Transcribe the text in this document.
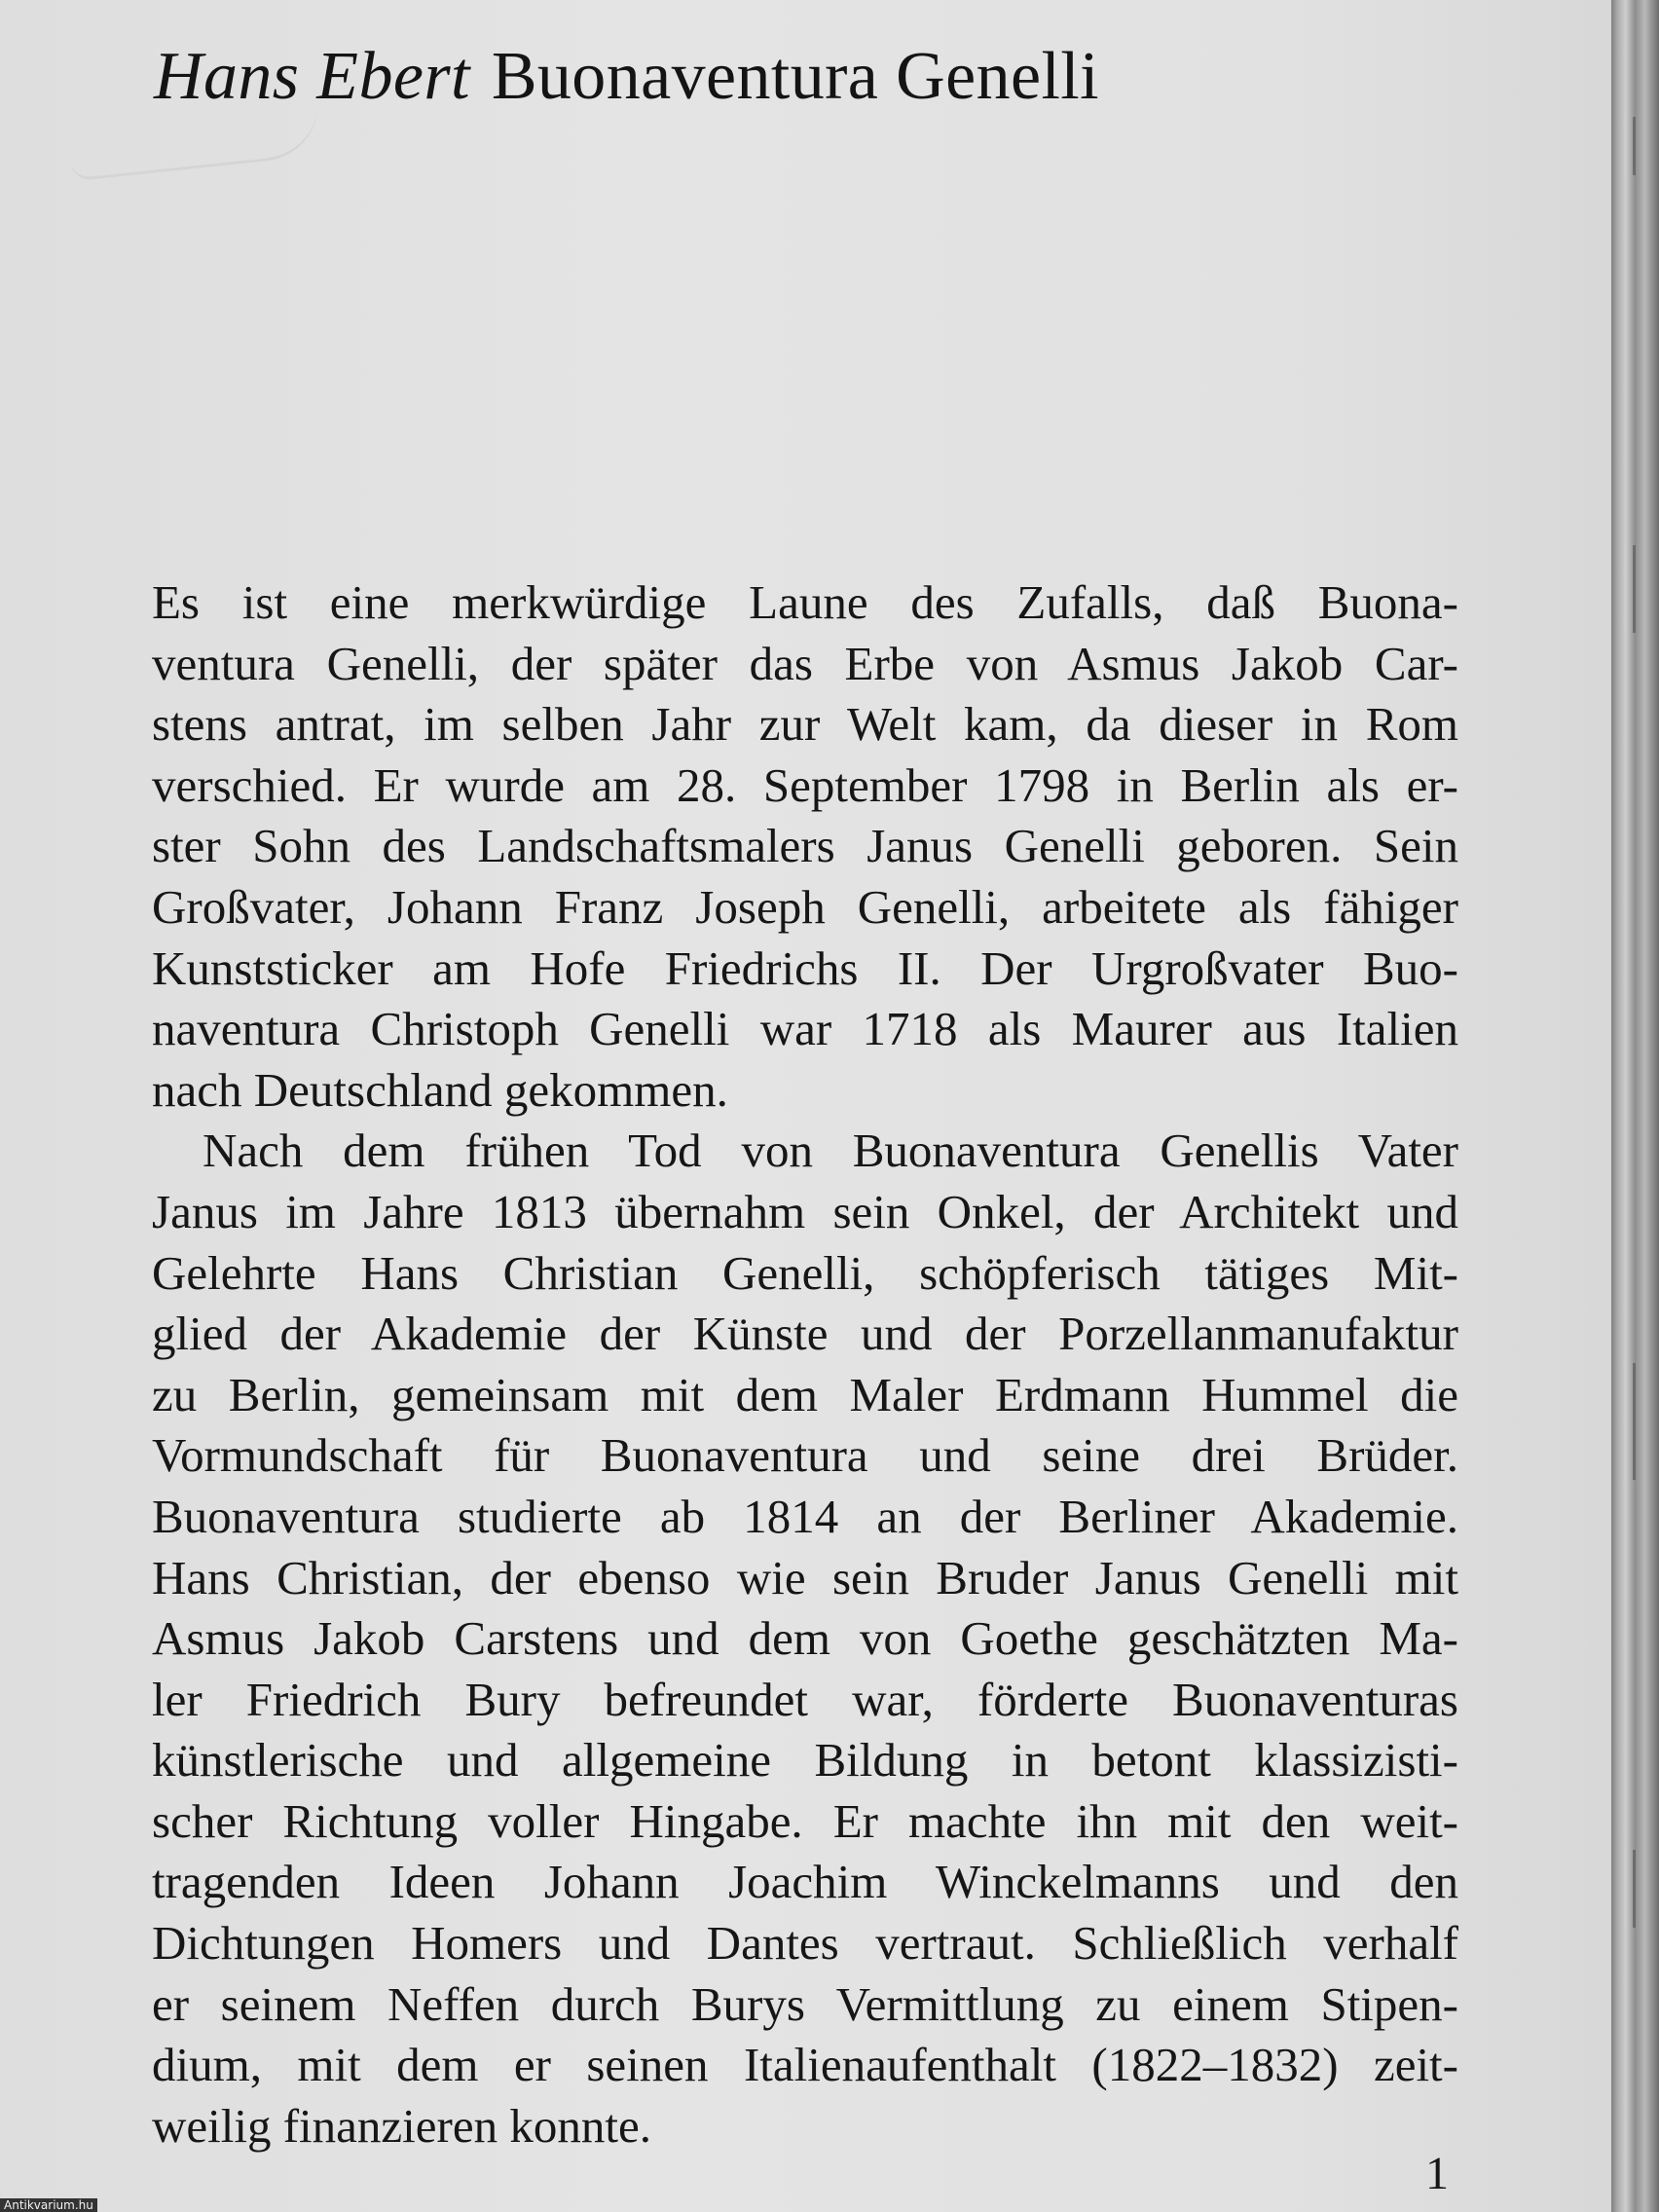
Hans Ebert Buonaventura Genelli
Es ist eine merkwürdige Laune des Zufalls, daß Buona-
ventura Genelli, der später das Erbe von Asmus Jakob Car-
stens antrat, im selben Jahr zur Welt kam, da dieser in Rom
verschied. Er wurde am 28. September 1798 in Berlin als er-
ster Sohn des Landschaftsmalers Janus Genelli geboren. Sein
Großvater, Johann Franz Joseph Genelli, arbeitete als fähiger
Kunststicker am Hofe Friedrichs II. Der Urgroßvater Buo-
naventura Christoph Genelli war 1718 als Maurer aus Italien
nach Deutschland gekommen.
Nach dem frühen Tod von Buonaventura Genellis Vater
Janus im Jahre 1813 übernahm sein Onkel, der Architekt und
Gelehrte Hans Christian Genelli, schöpferisch tätiges Mit-
glied der Akademie der Künste und der Porzellanmanufaktur
zu Berlin, gemeinsam mit dem Maler Erdmann Hummel die
Vormundschaft für Buonaventura und seine drei Brüder.
Buonaventura studierte ab 1814 an der Berliner Akademie.
Hans Christian, der ebenso wie sein Bruder Janus Genelli mit
Asmus Jakob Carstens und dem von Goethe geschätzten Ma-
ler Friedrich Bury befreundet war, förderte Buonaventuras
künstlerische und allgemeine Bildung in betont klassizisti-
scher Richtung voller Hingabe. Er machte ihn mit den weit-
tragenden Ideen Johann Joachim Winckelmanns und den
Dichtungen Homers und Dantes vertraut. Schließlich verhalf
er seinem Neffen durch Burys Vermittlung zu einem Stipen-
dium, mit dem er seinen Italienaufenthalt (1822–1832) zeit-
weilig finanzieren konnte.
1
Antikvarium.hu
